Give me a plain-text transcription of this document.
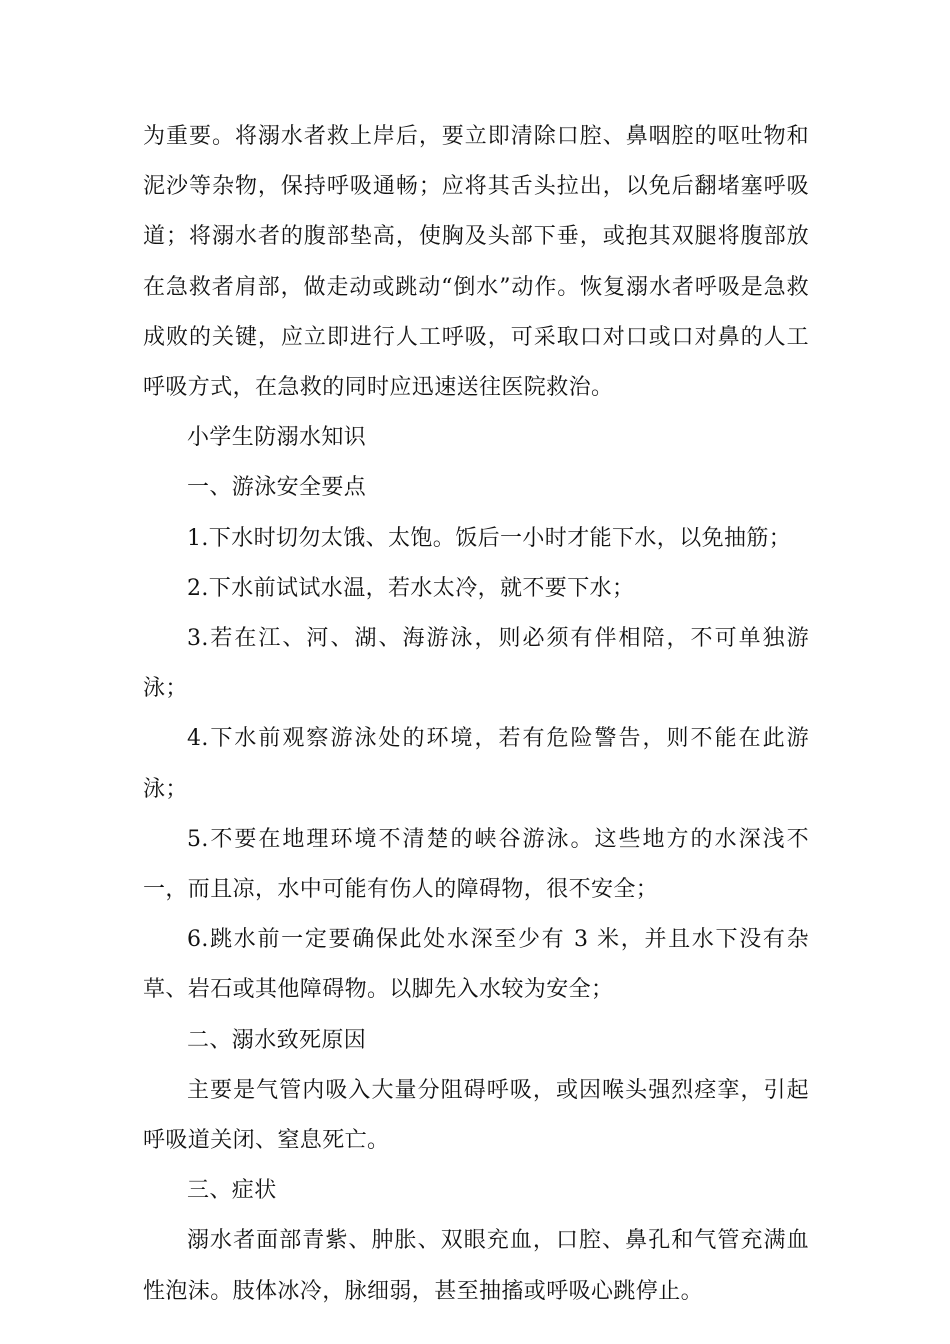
为重要。将溺水者救上岸后，要立即清除口腔、鼻咽腔的呕吐物和泥沙等杂物，保持呼吸通畅；应将其舌头拉出，以免后翻堵塞呼吸道；将溺水者的腹部垫高，使胸及头部下垂，或抱其双腿将腹部放在急救者肩部，做走动或跳动“倒水”动作。恢复溺水者呼吸是急救成败的关键，应立即进行人工呼吸，可采取口对口或口对鼻的人工呼吸方式，在急救的同时应迅速送往医院救治。

小学生防溺水知识

一、游泳安全要点

1.下水时切勿太饿、太饱。饭后一小时才能下水，以免抽筋；

2.下水前试试水温，若水太冷，就不要下水；

3.若在江、河、湖、海游泳，则必须有伴相陪，不可单独游泳；

4.下水前观察游泳处的环境，若有危险警告，则不能在此游泳；

5.不要在地理环境不清楚的峡谷游泳。这些地方的水深浅不一，而且凉，水中可能有伤人的障碍物，很不安全；

6.跳水前一定要确保此处水深至少有 3 米，并且水下没有杂草、岩石或其他障碍物。以脚先入水较为安全；

二、溺水致死原因

主要是气管内吸入大量分阻碍呼吸，或因喉头强烈痉挛，引起呼吸道关闭、窒息死亡。

三、症状

溺水者面部青紫、肿胀、双眼充血，口腔、鼻孔和气管充满血性泡沫。肢体冰冷，脉细弱，甚至抽搐或呼吸心跳停止。
